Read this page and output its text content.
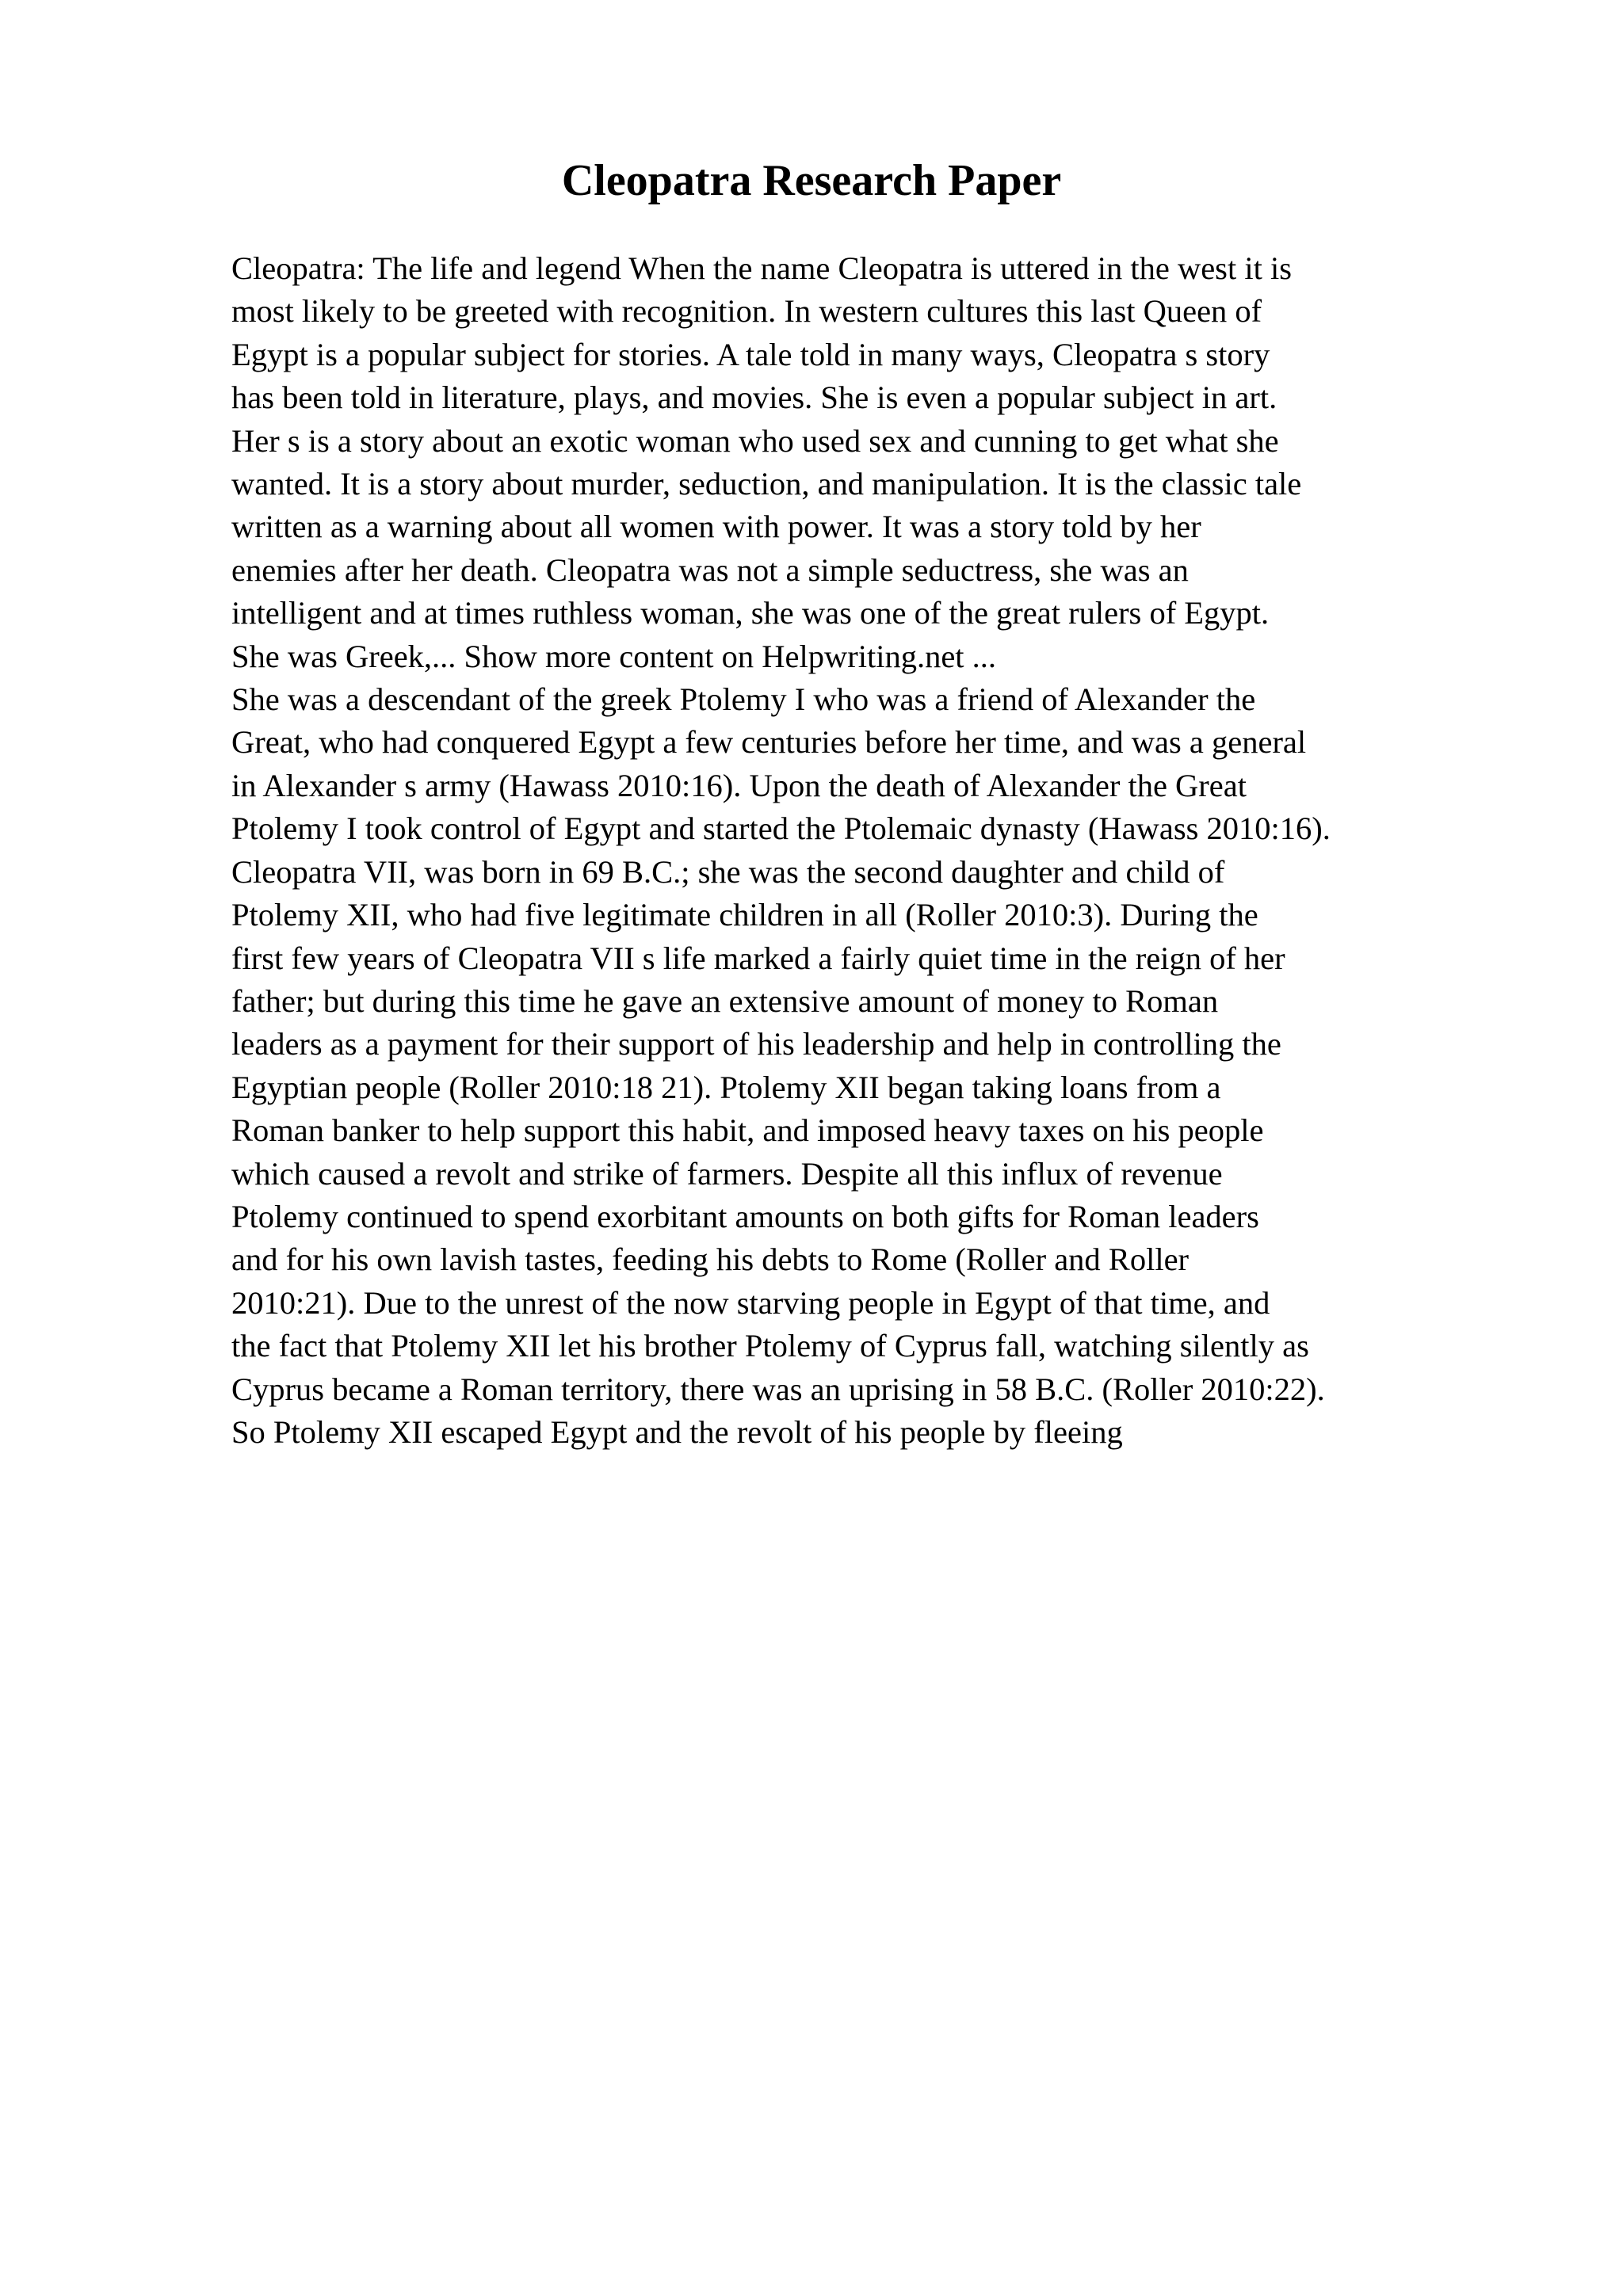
Cleopatra Research Paper
Cleopatra: The life and legend When the name Cleopatra is uttered in the west it is
most likely to be greeted with recognition. In western cultures this last Queen of
Egypt is a popular subject for stories. A tale told in many ways, Cleopatra s story
has been told in literature, plays, and movies. She is even a popular subject in art.
Her s is a story about an exotic woman who used sex and cunning to get what she
wanted. It is a story about murder, seduction, and manipulation. It is the classic tale
written as a warning about all women with power. It was a story told by her
enemies after her death. Cleopatra was not a simple seductress, she was an
intelligent and at times ruthless woman, she was one of the great rulers of Egypt.
She was Greek,... Show more content on Helpwriting.net ...
She was a descendant of the greek Ptolemy I who was a friend of Alexander the
Great, who had conquered Egypt a few centuries before her time, and was a general
in Alexander s army (Hawass 2010:16). Upon the death of Alexander the Great
Ptolemy I took control of Egypt and started the Ptolemaic dynasty (Hawass 2010:16).
Cleopatra VII, was born in 69 B.C.; she was the second daughter and child of
Ptolemy XII, who had five legitimate children in all (Roller 2010:3). During the
first few years of Cleopatra VII s life marked a fairly quiet time in the reign of her
father; but during this time he gave an extensive amount of money to Roman
leaders as a payment for their support of his leadership and help in controlling the
Egyptian people (Roller 2010:18 21). Ptolemy XII began taking loans from a
Roman banker to help support this habit, and imposed heavy taxes on his people
which caused a revolt and strike of farmers. Despite all this influx of revenue
Ptolemy continued to spend exorbitant amounts on both gifts for Roman leaders
and for his own lavish tastes, feeding his debts to Rome (Roller and Roller
2010:21). Due to the unrest of the now starving people in Egypt of that time, and
the fact that Ptolemy XII let his brother Ptolemy of Cyprus fall, watching silently as
Cyprus became a Roman territory, there was an uprising in 58 B.C. (Roller 2010:22).
So Ptolemy XII escaped Egypt and the revolt of his people by fleeing
